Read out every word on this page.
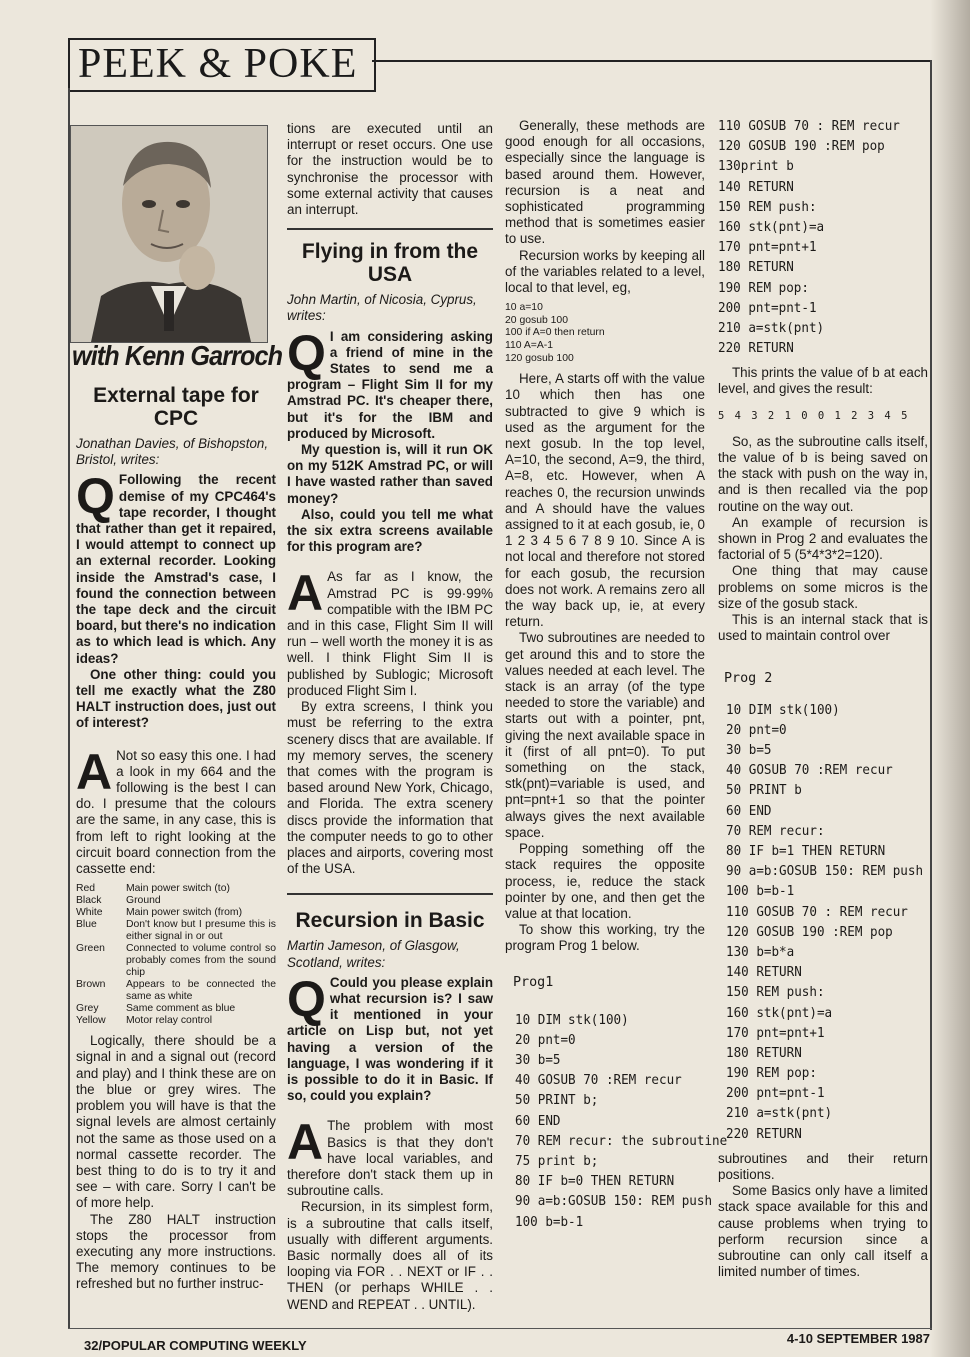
PEEK & POKE
with Kenn Garroch
External tape for CPC
Jonathan Davies, of Bishopston, Bristol, writes:

Q Following the recent demise of my CPC464's tape recorder, I thought that rather than get it repaired, I would attempt to connect up an external recorder. Looking inside the Amstrad's case, I found the connection between the tape deck and the circuit board, but there's no indication as to which lead is which. Any ideas?

One other thing: could you tell me exactly what the Z80 HALT instruction does, just out of interest?

A Not so easy this one. I had a look in my 664 and the following is the best I can do. I presume that the colours are the same, in any case, this is from left to right looking at the circuit board connection from the cassette end:

Red	Main power switch (to)
Black	Ground
White	Main power switch (from)
Blue	Don't know but I presume this is either signal in or out
Green	Connected to volume control so probably comes from the sound chip
Brown	Appears to be connected the same as white
Grey	Same comment as blue
Yellow	Motor relay control

Logically, there should be a signal in and a signal out (record and play) and I think these are on the blue or grey wires. The problem you will have is that the signal levels are almost certainly not the same as those used on a normal cassette recorder. The best thing to do is to try it and see – with care. Sorry I can't be of more help.

The Z80 HALT instruction stops the processor from executing any more instructions. The memory continues to be refreshed but no further instruc-

tions are executed until an interrupt or reset occurs. One use for the instruction would be to synchronise the processor with some external activity that causes an interrupt.

Flying in from the USA
John Martin, of Nicosia, Cyprus, writes:

Q I am considering asking a friend of mine in the States to send me a program – Flight Sim II for my Amstrad PC. It's cheaper there, but it's for the IBM and produced by Microsoft.

My question is, will it run OK on my 512K Amstrad PC, or will I have wasted rather than saved money?

Also, could you tell me what the six extra screens available for this program are?

A As far as I know, the Amstrad PC is 99·99% compatible with the IBM PC and in this case, Flight Sim II will run – well worth the money it is as well. I think Flight Sim II is published by Sublogic; Microsoft produced Flight Sim I.

By extra screens, I think you must be referring to the extra scenery discs that are available. If my memory serves, the scenery that comes with the program is based around New York, Chicago, and Florida. The extra scenery discs provide the information that the computer needs to go to other places and airports, covering most of the USA.

Recursion in Basic
Martin Jameson, of Glasgow, Scotland, writes:

Q Could you please explain what recursion is? I saw it mentioned in your article on Lisp but, not yet having a version of the language, I was wondering if it is possible to do it in Basic. If so, could you explain?

A The problem with most Basics is that they don't have local variables, and therefore don't stack them up in subroutine calls.

Recursion, in its simplest form, is a subroutine that calls itself, usually with different arguments. Basic normally does all of its looping via FOR . . NEXT or IF . . THEN (or perhaps WHILE . . WEND and REPEAT . . UNTIL).

Generally, these methods are good enough for all occasions, especially since the language is based around them. However, recursion is a neat and sophisticated programming method that is sometimes easier to use.

Recursion works by keeping all of the variables related to a level, local to that level, eg,

10 a=10
20 gosub 100
100 if A=0 then return
110 A=A-1
120 gosub 100

Here, A starts off with the value 10 which then has one subtracted to give 9 which is used as the argument for the next gosub. In the top level, A=10, the second, A=9, the third, A=8, etc. However, when A reaches 0, the recursion unwinds and A should have the values assigned to it at each gosub, ie, 0 1 2 3 4 5 6 7 8 9 10. Since A is not local and therefore not stored for each gosub, the recursion does not work. A remains zero all the way back up, ie, at every return.

Two subroutines are needed to get around this and to store the values needed at each level. The stack is an array (of the type needed to store the variable) and starts out with a pointer, pnt, giving the next available space in it (first of all pnt=0). To put something on the stack, stk(pnt)=variable is used, and pnt=pnt+1 so that the pointer always gives the next available space.

Popping something off the stack requires the opposite process, ie, reduce the stack pointer by one, and then get the value at that location.

To show this working, try the program Prog 1 below.

Prog1
10 DIM stk(100)
20 pnt=0
30 b=5
40 GOSUB 70 :REM recur
50 PRINT b;
60 END
70 REM recur: the subroutine
75 print b;
80 IF b=0 THEN RETURN
90 a=b:GOSUB 150: REM push
100 b=b-1
110 GOSUB 70 : REM recur
120 GOSUB 190 :REM pop
130print b
140 RETURN
150 REM push:
160 stk(pnt)=a
170 pnt=pnt+1
180 RETURN
190 REM pop:
200 pnt=pnt-1
210 a=stk(pnt)
220 RETURN

This prints the value of b at each level, and gives the result:

5 4 3 2 1 0 0 1 2 3 4 5

So, as the subroutine calls itself, the value of b is being saved on the stack with push on the way in, and is then recalled via the pop routine on the way out.

An example of recursion is shown in Prog 2 and evaluates the factorial of 5 (5*4*3*2=120).

One thing that may cause problems on some micros is the size of the gosub stack.

This is an internal stack that is used to maintain control over

Prog 2
10 DIM stk(100)
20 pnt=0
30 b=5
40 GOSUB 70 :REM recur
50 PRINT b
60 END
70 REM recur:
80 IF b=1 THEN RETURN
90 a=b:GOSUB 150: REM push
100 b=b-1
110 GOSUB 70 : REM recur
120 GOSUB 190 :REM pop
130 b=b*a
140 RETURN
150 REM push:
160 stk(pnt)=a
170 pnt=pnt+1
180 RETURN
190 REM pop:
200 pnt=pnt-1
210 a=stk(pnt)
220 RETURN

subroutines and their return positions.

Some Basics only have a limited stack space available for this and cause problems when trying to perform recursion since a subroutine can only call itself a limited number of times.

32/POPULAR COMPUTING WEEKLY	4-10 SEPTEMBER 1987
